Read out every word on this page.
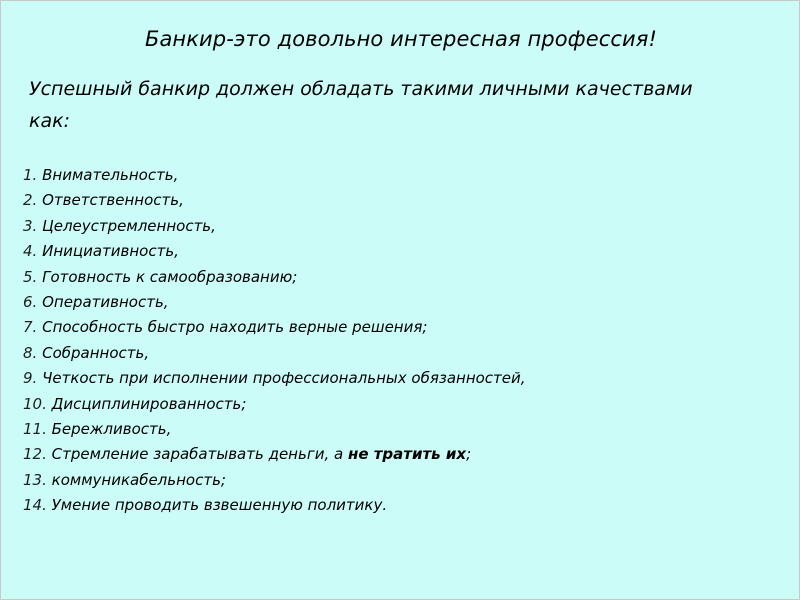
Банкир-это довольно интересная профессия!
Успешный банкир должен обладать такими личными качествами как:
1. Внимательность,
2. Ответственность,
3. Целеустремленность,
4. Инициативность,
5. Готовность к самообразованию;
6. Оперативность,
7. Способность быстро находить верные решения;
8. Собранность,
9. Четкость при исполнении профессиональных обязанностей,
10. Дисциплинированность;
11. Бережливость,
12. Стремление зарабатывать деньги, а не тратить их;
13. коммуникабельность;
14. Умение проводить взвешенную политику.
